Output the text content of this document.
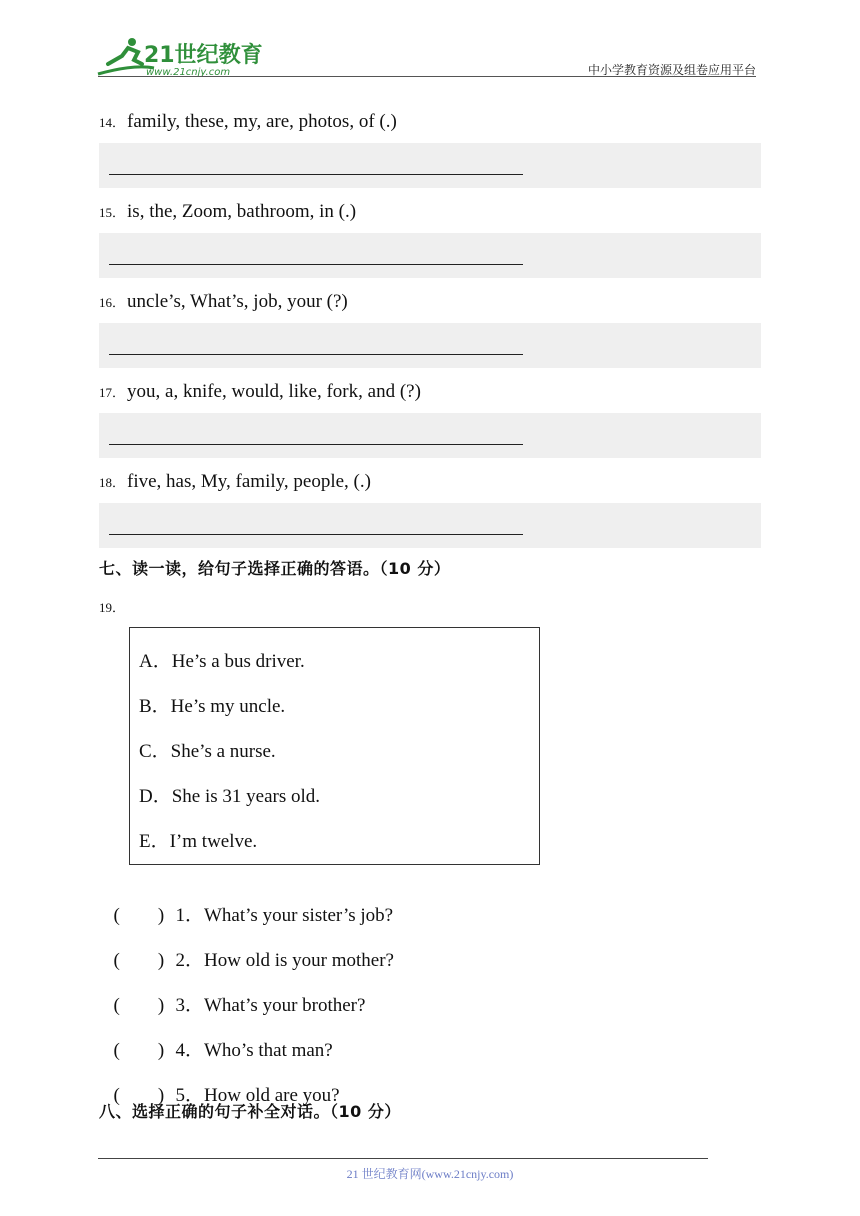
21世纪教育
www.21cnjy.com	中小学教育资源及组卷应用平台
14． family, these, my, are, photos, of (.)
15． is, the, Zoom, bathroom, in (.)
16． uncle’s, What’s, job, your (?)
17． you, a, knife, would, like, fork, and (?)
18． five, has, My, family, people, (.)
七、读一读，给句子选择正确的答语。（10 分）
19．
A．He’s a bus driver.
B．He’s my uncle.
C．She’s a nurse.
D．She is 31 years old.
E．I’m twelve.

(        ) 1．What’s your sister’s job?

(        ) 2．How old is your mother?

(        ) 3．What’s your brother?

(        ) 4．Who’s that man?

(        ) 5．How old are you?

八、选择正确的句子补全对话。（10 分）
21 世纪教育网(www.21cnjy.com)
